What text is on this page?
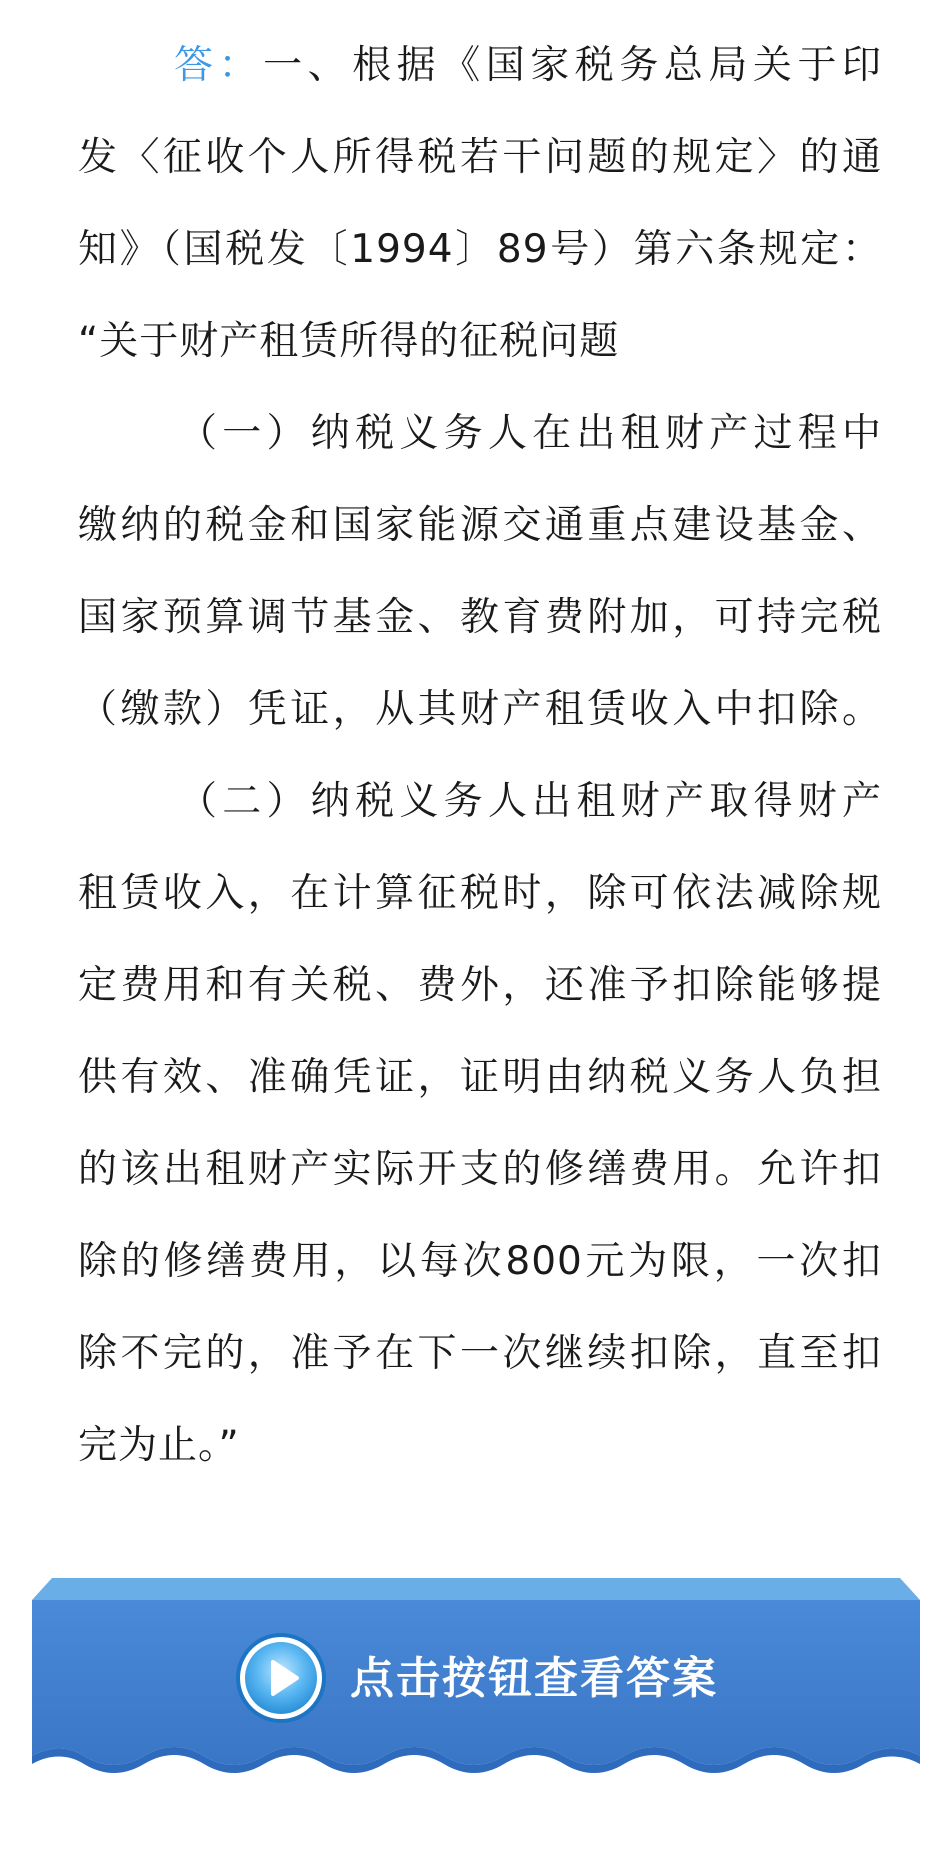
答：一、根据《国家税务总局关于印
发〈征收个人所得税若干问题的规定〉的通
知》（国税发〔1994〕89号）第六条规定：
“关于财产租赁所得的征税问题
（一）纳税义务人在出租财产过程中
缴纳的税金和国家能源交通重点建设基金、
国家预算调节基金、教育费附加，可持完税
（缴款）凭证，从其财产租赁收入中扣除。
（二）纳税义务人出租财产取得财产
租赁收入，在计算征税时，除可依法减除规
定费用和有关税、费外，还准予扣除能够提
供有效、准确凭证，证明由纳税义务人负担
的该出租财产实际开支的修缮费用。允许扣
除的修缮费用，以每次800元为限，一次扣
除不完的，准予在下一次继续扣除，直至扣
完为止。”
点击按钮查看答案
